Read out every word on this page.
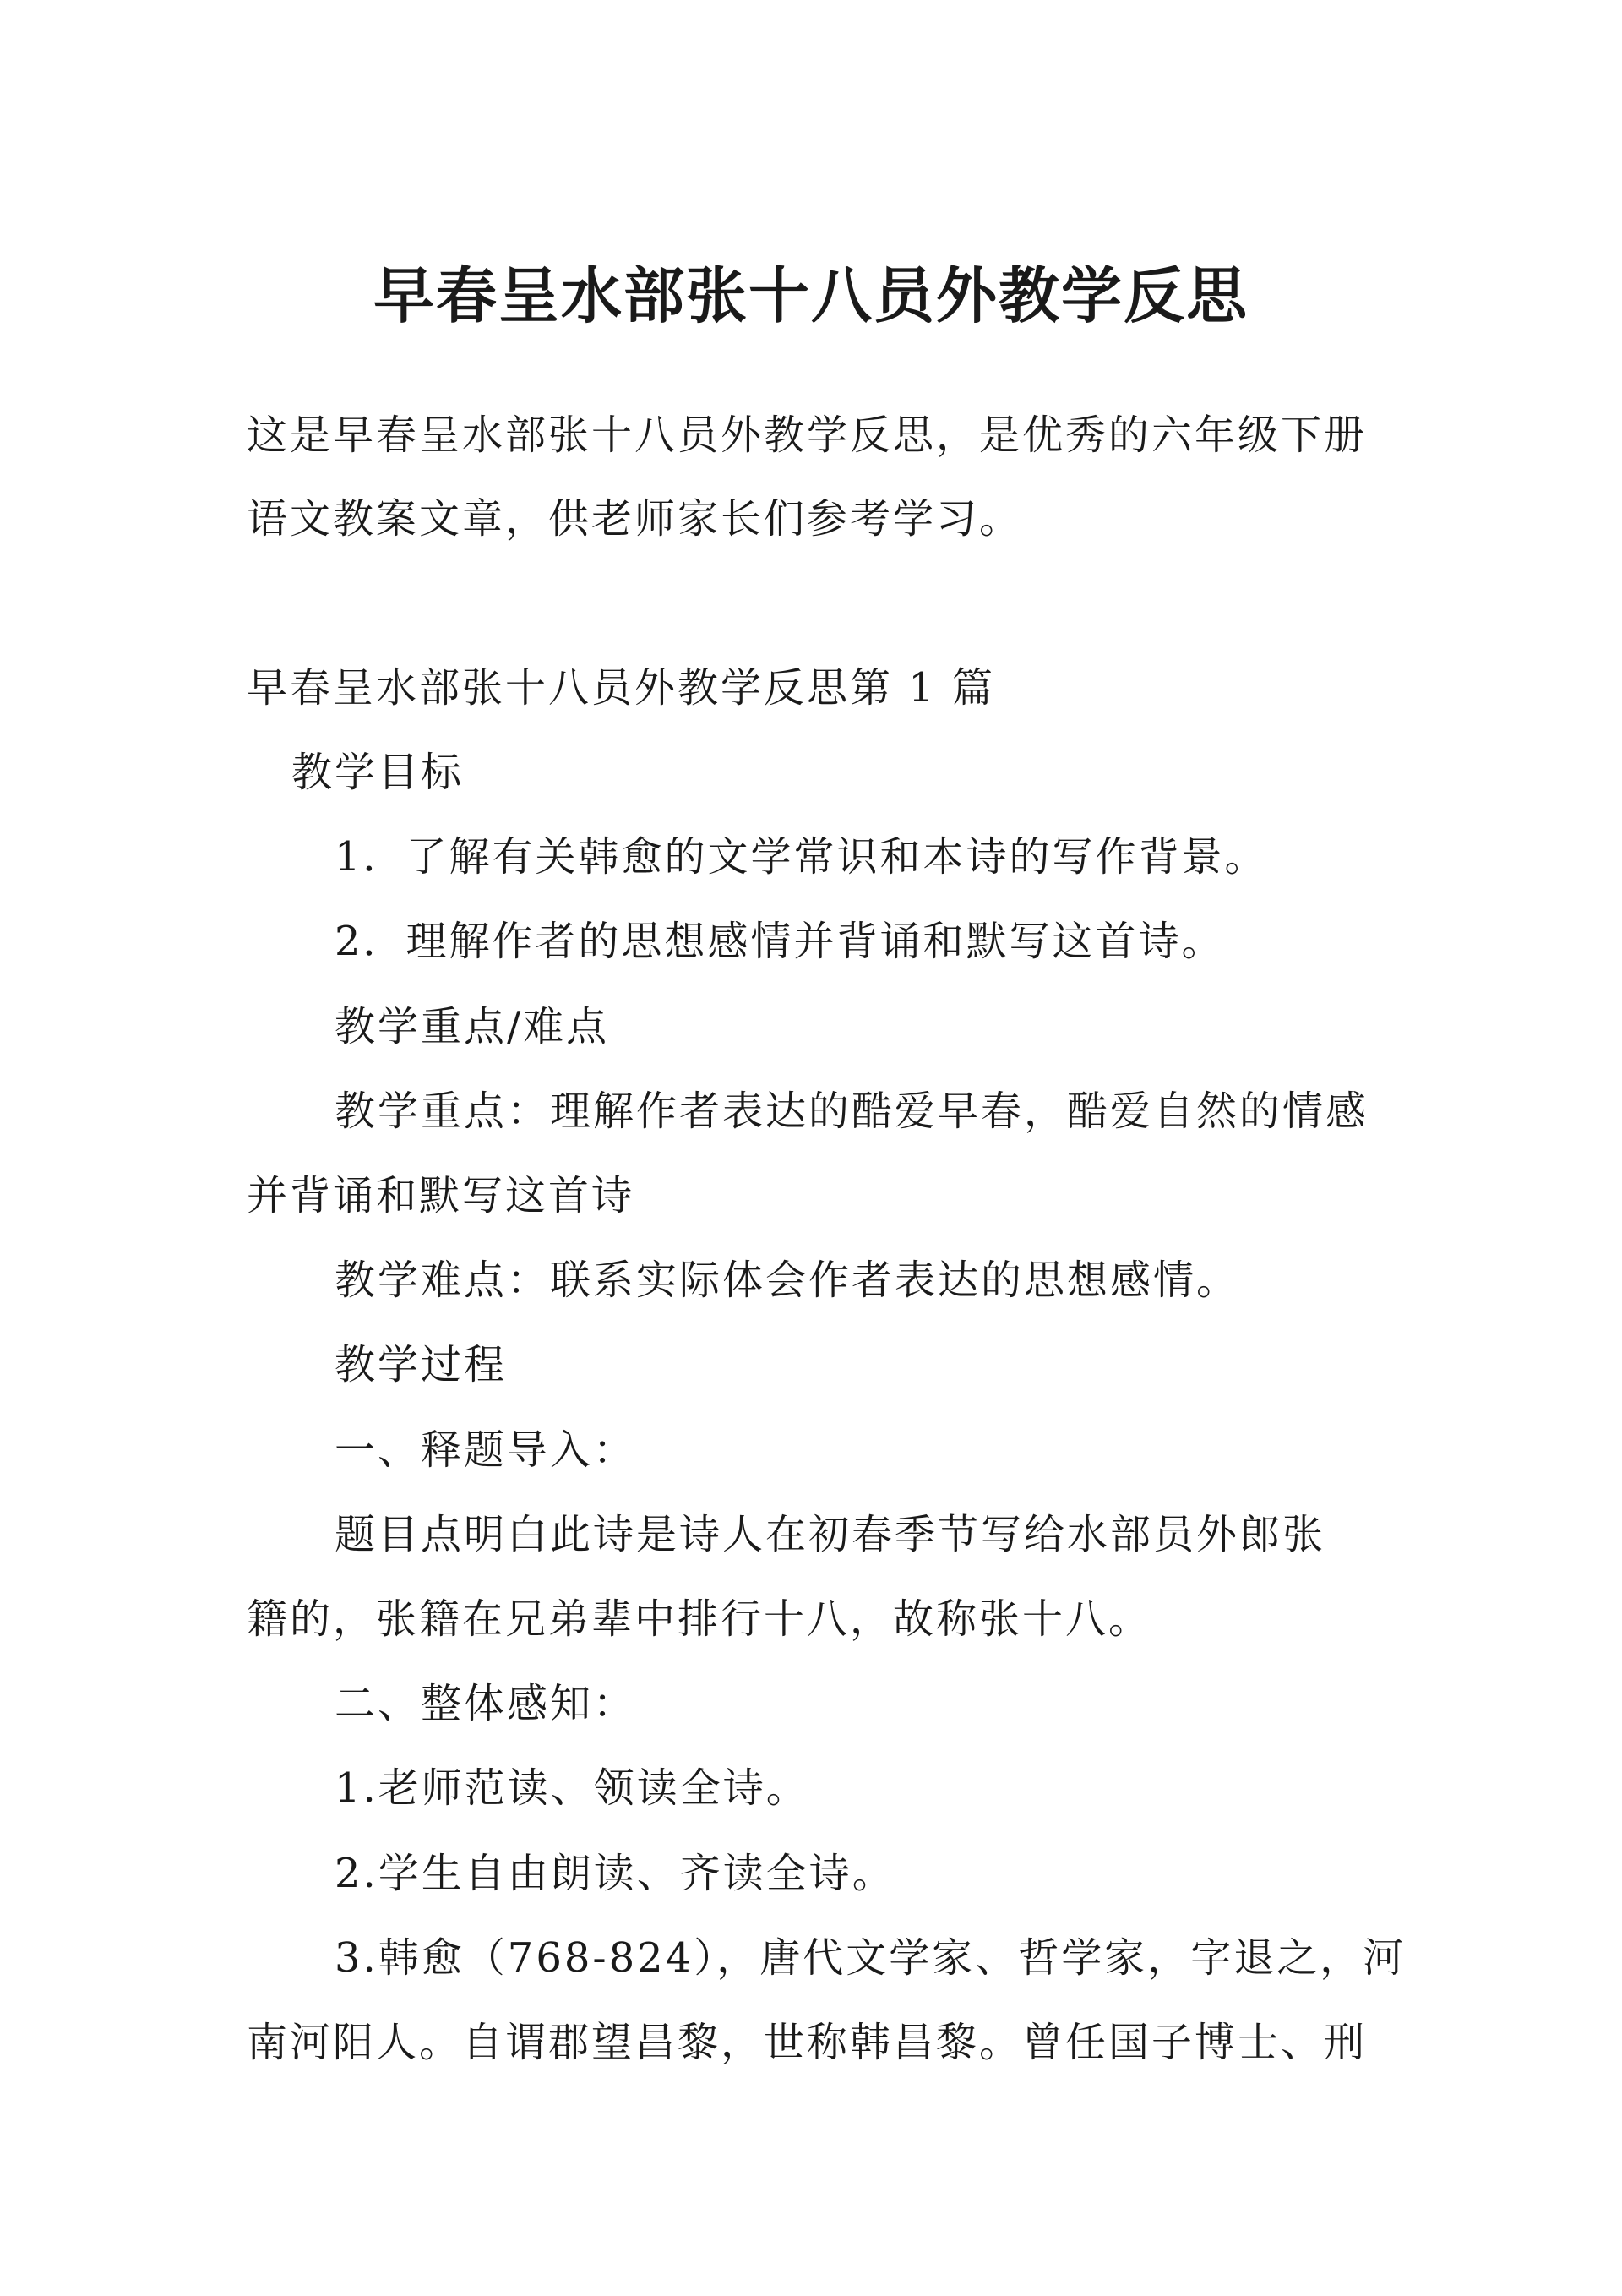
早春呈水部张十八员外教学反思
这是早春呈水部张十八员外教学反思，是优秀的六年级下册
语文教案文章，供老师家长们参考学习。
早春呈水部张十八员外教学反思第 1 篇
教学目标
1．了解有关韩愈的文学常识和本诗的写作背景。
2．理解作者的思想感情并背诵和默写这首诗。
教学重点/难点
教学重点：理解作者表达的酷爱早春，酷爱自然的情感
并背诵和默写这首诗
教学难点：联系实际体会作者表达的思想感情。
教学过程
一、释题导入：
题目点明白此诗是诗人在初春季节写给水部员外郎张
籍的，张籍在兄弟辈中排行十八，故称张十八。
二、整体感知：
1.老师范读、领读全诗。
2.学生自由朗读、齐读全诗。
3.韩愈（768-824），唐代文学家、哲学家，字退之，河
南河阳人。自谓郡望昌黎，世称韩昌黎。曾任国子博士、刑
